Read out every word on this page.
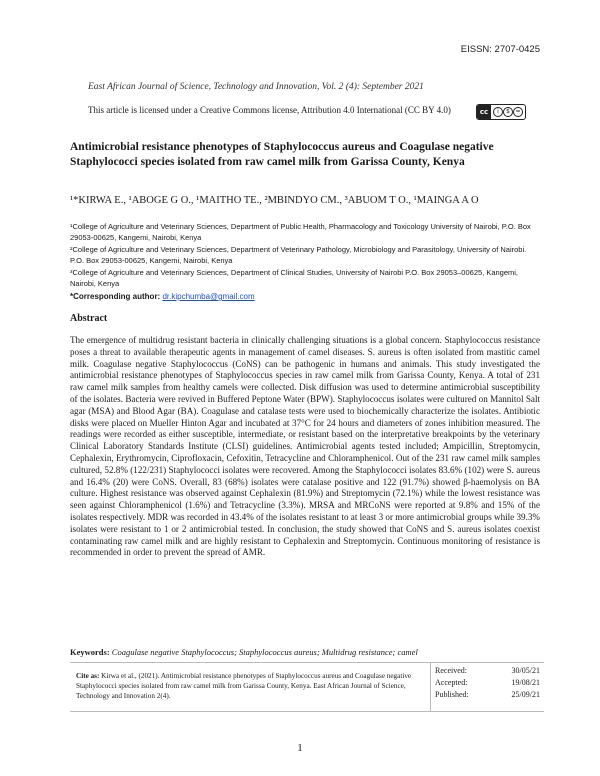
EISSN: 2707-0425
East African Journal of Science, Technology and Innovation, Vol. 2 (4): September 2021
This article is licensed under a Creative Commons license, Attribution 4.0 International (CC BY 4.0)	cc	i	$ =
Antimicrobial resistance phenotypes of Staphylococcus aureus and Coagulase negative Staphylococci species isolated from raw camel milk from Garissa County, Kenya
¹*KIRWA E., ¹ABOGE G O., ¹MAITHO TE., ²MBINDYO CM., ³ABUOM T O., ¹MAINGA A O
¹College of Agriculture and Veterinary Sciences, Department of Public Health, Pharmacology and Toxicology University of Nairobi, P.O. Box 29053-00625, Kangemi, Nairobi, Kenya
²College of Agriculture and Veterinary Sciences, Department of Veterinary Pathology, Microbiology and Parasitology, University of Nairobi. P.O. Box 29053-00625, Kangemi, Nairobi, Kenya
³College of Agriculture and Veterinary Sciences, Department of Clinical Studies, University of Nairobi P.O. Box 29053–00625, Kangemi, Nairobi, Kenya
*Corresponding author: dr.kipchumba@gmail.com
Abstract
The emergence of multidrug resistant bacteria in clinically challenging situations is a global concern. Staphylococcus resistance poses a threat to available therapeutic agents in management of camel diseases. S. aureus is often isolated from mastitic camel milk. Coagulase negative Staphylococcus (CoNS) can be pathogenic in humans and animals. This study investigated the antimicrobial resistance phenotypes of Staphylococcus species in raw camel milk from Garissa County, Kenya. A total of 231 raw camel milk samples from healthy camels were collected. Disk diffusion was used to determine antimicrobial susceptibility of the isolates. Bacteria were revived in Buffered Peptone Water (BPW). Staphylococcus isolates were cultured on Mannitol Salt agar (MSA) and Blood Agar (BA). Coagulase and catalase tests were used to biochemically characterize the isolates. Antibiotic disks were placed on Mueller Hinton Agar and incubated at 37°C for 24 hours and diameters of zones inhibition measured. The readings were recorded as either susceptible, intermediate, or resistant based on the interpretative breakpoints by the veterinary Clinical Laboratory Standards Institute (CLSI) guidelines. Antimicrobial agents tested included; Ampicillin, Streptomycin, Cephalexin, Erythromycin, Ciprofloxacin, Cefoxitin, Tetracycline and Chloramphenicol. Out of the 231 raw camel milk samples cultured, 52.8% (122/231) Staphylococci isolates were recovered. Among the Staphylococci isolates 83.6% (102) were S. aureus and 16.4% (20) were CoNS. Overall, 83 (68%) isolates were catalase positive and 122 (91.7%) showed β-haemolysis on BA culture. Highest resistance was observed against Cephalexin (81.9%) and Streptomycin (72.1%) while the lowest resistance was seen against Chloramphenicol (1.6%) and Tetracycline (3.3%). MRSA and MRCoNS were reported at 9.8% and 15% of the isolates respectively. MDR was recorded in 43.4% of the isolates resistant to at least 3 or more antimicrobial groups while 39.3% isolates were resistant to 1 or 2 antimicrobial tested. In conclusion, the study showed that CoNS and S. aureus isolates coexist contaminating raw camel milk and are highly resistant to Cephalexin and Streptomycin. Continuous monitoring of resistance is recommended in order to prevent the spread of AMR.
Keywords: Coagulase negative Staphylococcus; Staphylococcus aureus; Multidrug resistance; camel
Cite as: Kirwa et al., (2021). Antimicrobial resistance phenotypes of Staphylococcus aureus and Coagulase negative Staphylococci species isolated from raw camel milk from Garissa County, Kenya. East African Journal of Science, Technology and Innovation 2(4).
Received:	30/05/21
Accepted:	19/08/21
Published:	25/09/21
1
